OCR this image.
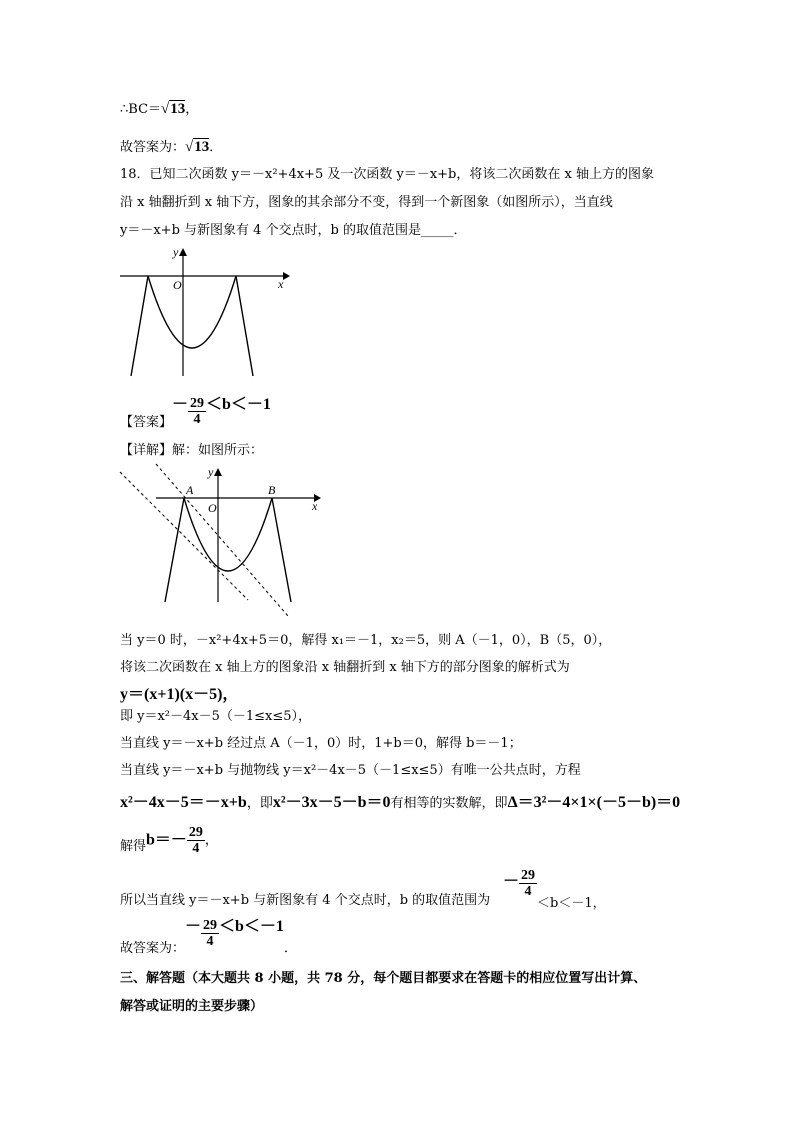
∴BC＝√13，
故答案为：√13．
18．已知二次函数 y＝－x²+4x+5 及一次函数 y＝－x+b，将该二次函数在 x 轴上方的图象
沿 x 轴翻折到 x 轴下方，图象的其余部分不变，得到一个新图象（如图所示），当直线
y＝－x+b 与新图象有 4 个交点时，b 的取值范围是_____．
y
O	x
【答案】－ $\frac{29}{4} <b<-1$
【详解】解：如图所示：
y
A	B
O	x
当 y＝0 时，－x²+4x+5＝0，解得 x₁＝－1，x₂＝5，则 A（－1，0），B（5，0），
将该二次函数在 x 轴上方的图象沿 x 轴翻折到 x 轴下方的部分图象的解析式为
y＝(x+1)(x－5)，
即 y＝x²－4x－5（－1≤x≤5），
当直线 y＝－x+b 经过点 A（－1，0）时，1+b＝0，解得 b＝－1；
当直线 y＝－x+b 与抛物线 y＝x²－4x－5（－1≤x≤5）有唯一公共点时，方程
x²－4x－5＝－x+b，即x²－3x－5－b＝0有相等的实数解，即Δ＝3²－4×1×(－5－b)＝0
解得$b=- \frac{29}{4}$ ，
所以当直线 y＝－x+b 与新图象有 4 个交点时，b 的取值范围为
－ $\frac{29}{4}$
＜b＜－1，
故答案为：－ $\frac{29}{4} <b<-1$．
三、解答题（本大题共 8 小题，共 78 分，每个题目都要求在答题卡的相应位置写出计算、
解答或证明的主要步骤）
